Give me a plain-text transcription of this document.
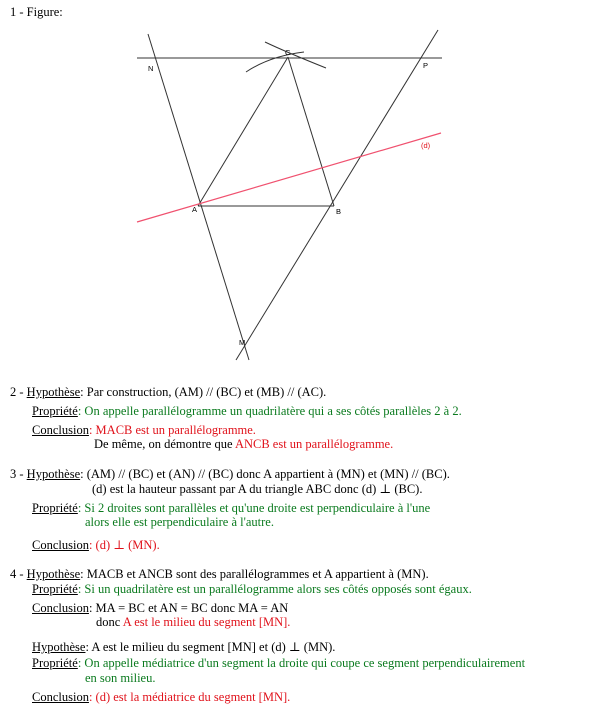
1 - Figure:
C
N	P
A	B
M
(d)
2 - Hypothèse: Par construction, (AM) // (BC) et (MB) // (AC).
Propriété: On appelle parallélogramme un quadrilatère qui a ses côtés parallèles 2 à 2.
Conclusion: MACB est un parallélogramme.
De même, on démontre que ANCB est un parallélogramme.
3 - Hypothèse: (AM) // (BC) et (AN) // (BC) donc A appartient à (MN) et (MN) // (BC).
(d) est la hauteur passant par A du triangle ABC donc (d) ⊥ (BC).
Propriété: Si 2 droites sont parallèles et qu'une droite est perpendiculaire à l'une
alors elle est perpendiculaire à l'autre.
Conclusion: (d) ⊥ (MN).
4 - Hypothèse: MACB et ANCB sont des parallélogrammes et A appartient à (MN).
Propriété: Si un quadrilatère est un parallélogramme alors ses côtés opposés sont égaux.
Conclusion: MA = BC et AN = BC donc MA = AN
donc A est le milieu du segment [MN].
Hypothèse: A est le milieu du segment [MN] et (d) ⊥ (MN).
Propriété: On appelle médiatrice d'un segment la droite qui coupe ce segment perpendiculairement
en son milieu.
Conclusion: (d) est la médiatrice du segment [MN].
